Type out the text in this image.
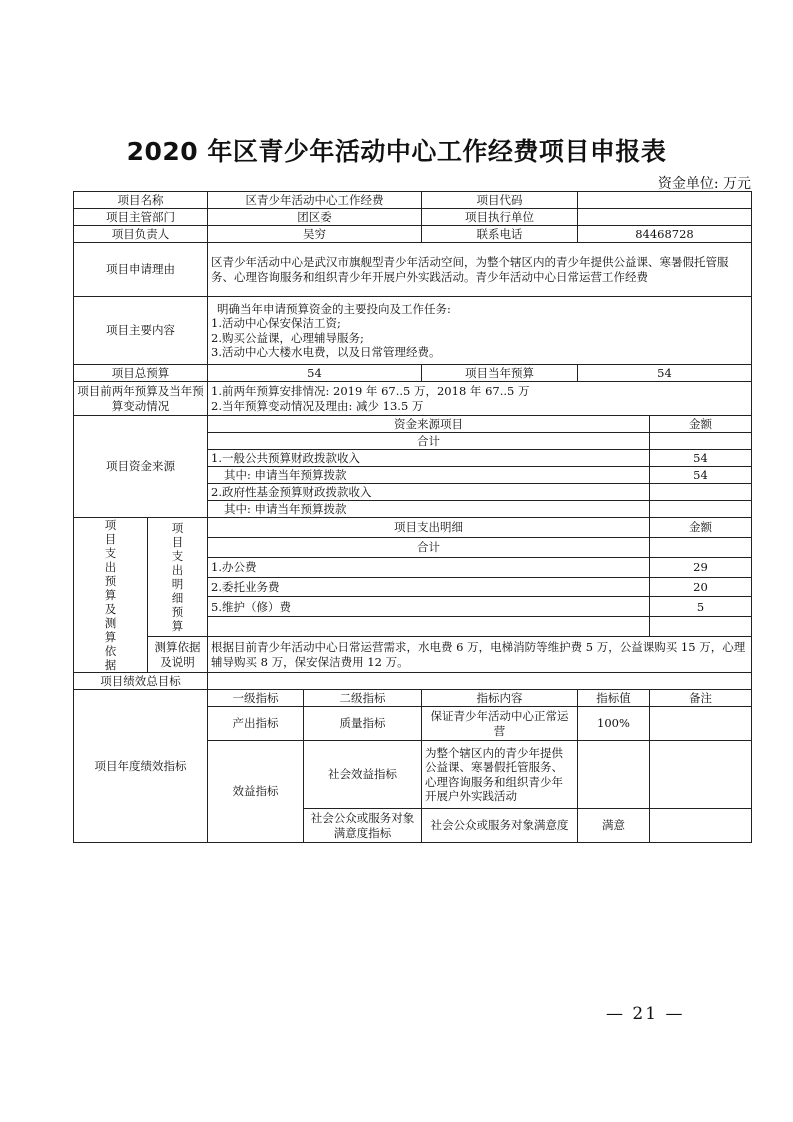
2020 年区青少年活动中心工作经费项目申报表
资金单位: 万元
项目名称		区青少年活动中心工作经费		项目代码		
项目主管部门		团区委		项目执行单位		
项目负责人		吴穷		联系电话	84468728	
项目申请理由		区青少年活动中心是武汉市旗舰型青少年活动空间，为整个辖区内的青少年提供公益课、寒暑假托管服务、心理咨询服务和组织青少年开展户外实践活动。青少年活动中心日常运营工作经费				
项目主要内容		明确当年申请预算资金的主要投向及工作任务:
1.活动中心保安保洁工资;
2.购买公益课，心理辅导服务;
3.活动中心大楼水电费，以及日常管理经费。				

项目总预算		54		项目当年预算	54	
项目前两年预算及当年预算变动情况		1.前两年预算安排情况: 2019 年 67..5 万，2018 年 67..5 万
2.当年预算变动情况及理由: 减少 13.5 万				

项目资金来源		资金来源项目				金额
		合计				
		1.一般公共预算财政拨款收入				54
		其中: 申请当年预算拨款				54
		2.政府性基金预算财政拨款收入				
		其中: 申请当年预算拨款				

项目支出预算及测算依据	项目支出明细预算	项目支出明细				金额
		合计				
		1.办公费				29
		2.委托业务费				20
		5.维护（修）费				5

	测算依据及说明	根据目前青少年活动中心日常运营需求，水电费 6 万，电梯消防等维护费 5 万，公益课购买 15 万，心理辅导购买 8 万，保安保洁费用 12 万。				
项目绩效总目标						
项目年度绩效指标		一级指标	二级指标	指标内容	指标值	备注
		产出指标	质量指标	保证青少年活动中心正常运营	100%	
		效益指标	社会效益指标	为整个辖区内的青少年提供公益课、寒暑假托管服务、心理咨询服务和组织青少年开展户外实践活动		
			社会公众或服务对象满意度指标	社会公众或服务对象满意度	满意	
— 21 —
